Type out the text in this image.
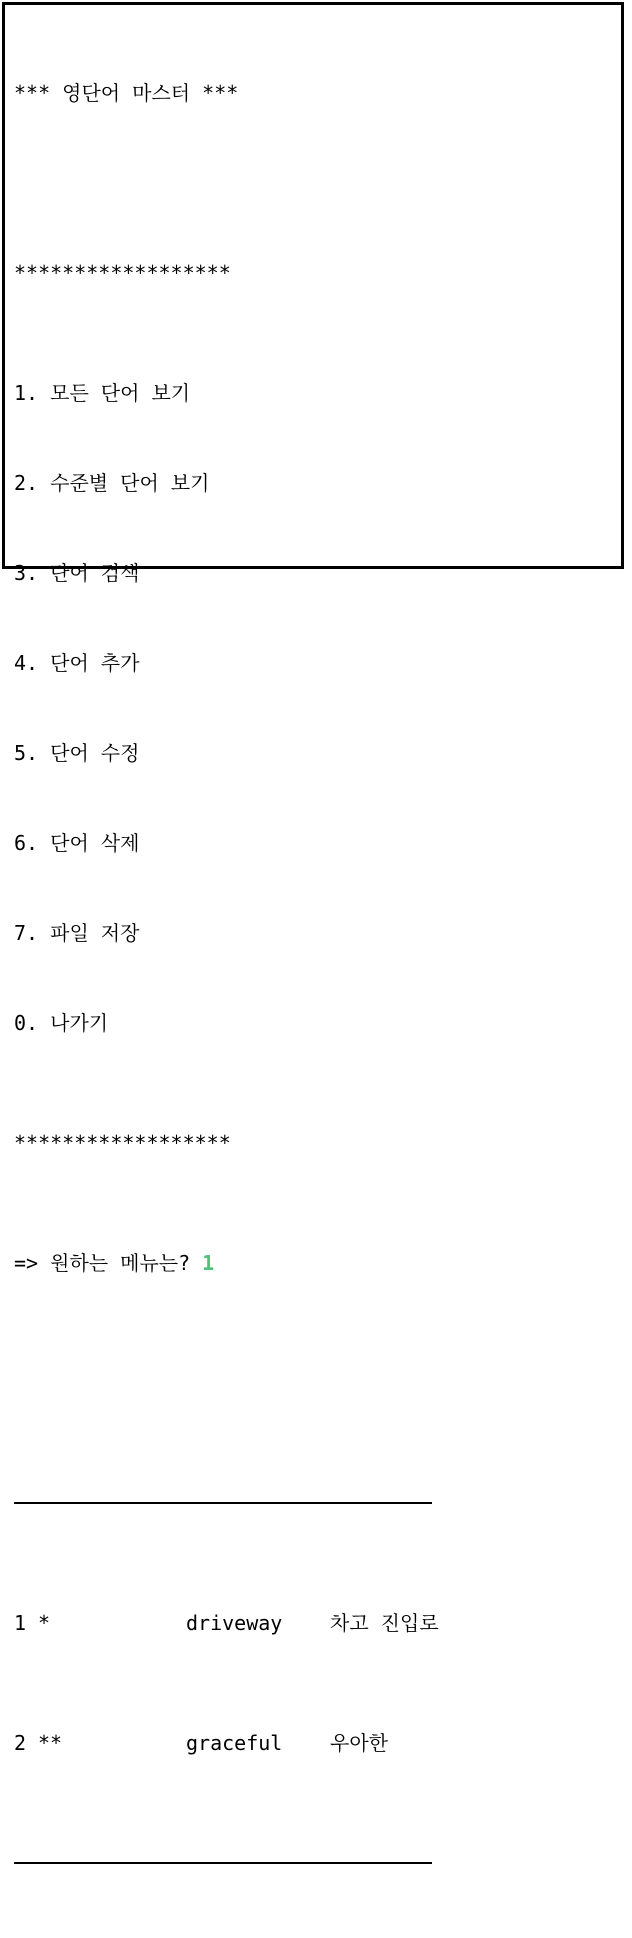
*** 영단어 마스터 ***

******************

1. 모든 단어 보기

2. 수준별 단어 보기

3. 단어 검색

4. 단어 추가

5. 단어 수정

6. 단어 삭제

7. 파일 저장

0. 나가기

******************

=> 원하는 메뉴는? 1

1

*

	driveway

차고 진입로

2

**

	graceful

우아한
